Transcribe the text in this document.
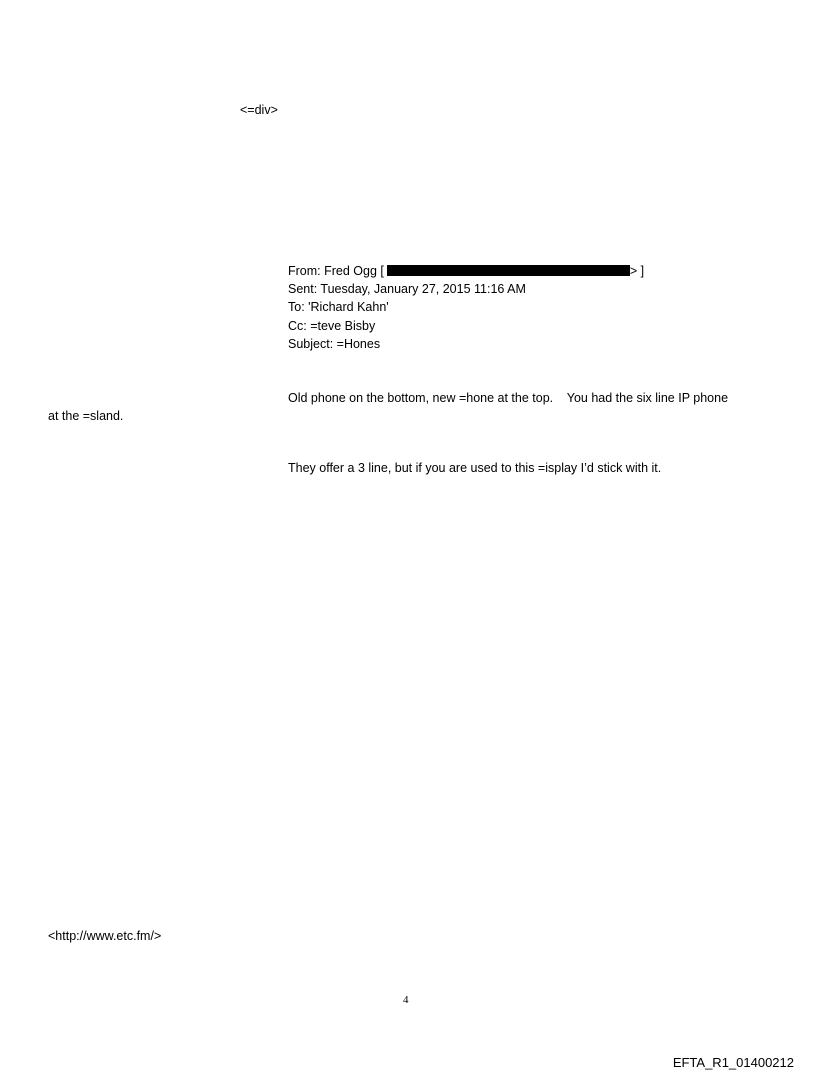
<=div>
From: Fred Ogg [	> ]
Sent: Tuesday, January 27, 2015 11:16 AM
To: 'Richard Kahn'
Cc: =teve Bisby
Subject: =Hones
Old phone on the bottom, new =hone at the top.    You had the six line IP phone
at the =sland.
They offer a 3 line, but if you are used to this =isplay I’d stick with it.
<http://www.etc.fm/>
4
EFTA_R1_01400212
